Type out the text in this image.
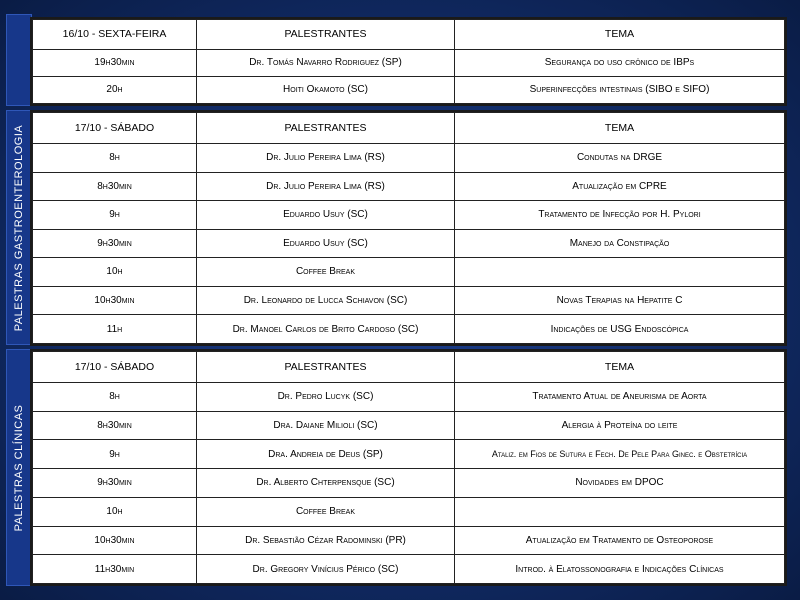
PALESTRAS GASTROENTEROLOGIA
PALESTRAS CLÍNICAS
16/10 - SEXTA-FEIRA	PALESTRANTES	TEMA
19h30min	Dr. Tomás Navarro Rodriguez (SP)	Segurança do uso crônico de IBPs
20h	Hoiti Okamoto (SC)	Superinfecções intestinais (SIBO e SIFO)
17/10 - SÁBADO	PALESTRANTES	TEMA
8h	Dr. Julio Pereira Lima (RS)	Condutas na DRGE
8h30min	Dr. Julio Pereira Lima (RS)	Atualização em CPRE
9h	Eduardo Usuy (SC)	Tratamento de Infecção por H. Pylori
9h30min	Eduardo Usuy (SC)	Manejo da Constipação
10h	Coffee Break	
10h30min	Dr. Leonardo de Lucca Schiavon (SC)	Novas Terapias na Hepatite C
11h	Dr. Manoel Carlos de Brito Cardoso (SC)	Indicações de USG Endoscópica
17/10 - SÁBADO	PALESTRANTES	TEMA
8h	Dr. Pedro Lucyk (SC)	Tratamento Atual de Aneurisma de Aorta
8h30min	Dra. Daiane Milioli (SC)	Alergia à Proteína do leite
9h	Dra. Andreia de Deus (SP)	Ataliz. em Fios de Sutura e Fech. De Pele Para Ginec. e Obstetrícia
9h30min	Dr. Alberto Chterpensque (SC)	Novidades em DPOC
10h	Coffee Break	
10h30min	Dr. Sebastião Cézar Radominski (PR)	Atualização em Tratamento de Osteoporose
11h30min	Dr. Gregory Vinícius Périco (SC)	Introd. à Elatossonografia e Indicações Clínicas
